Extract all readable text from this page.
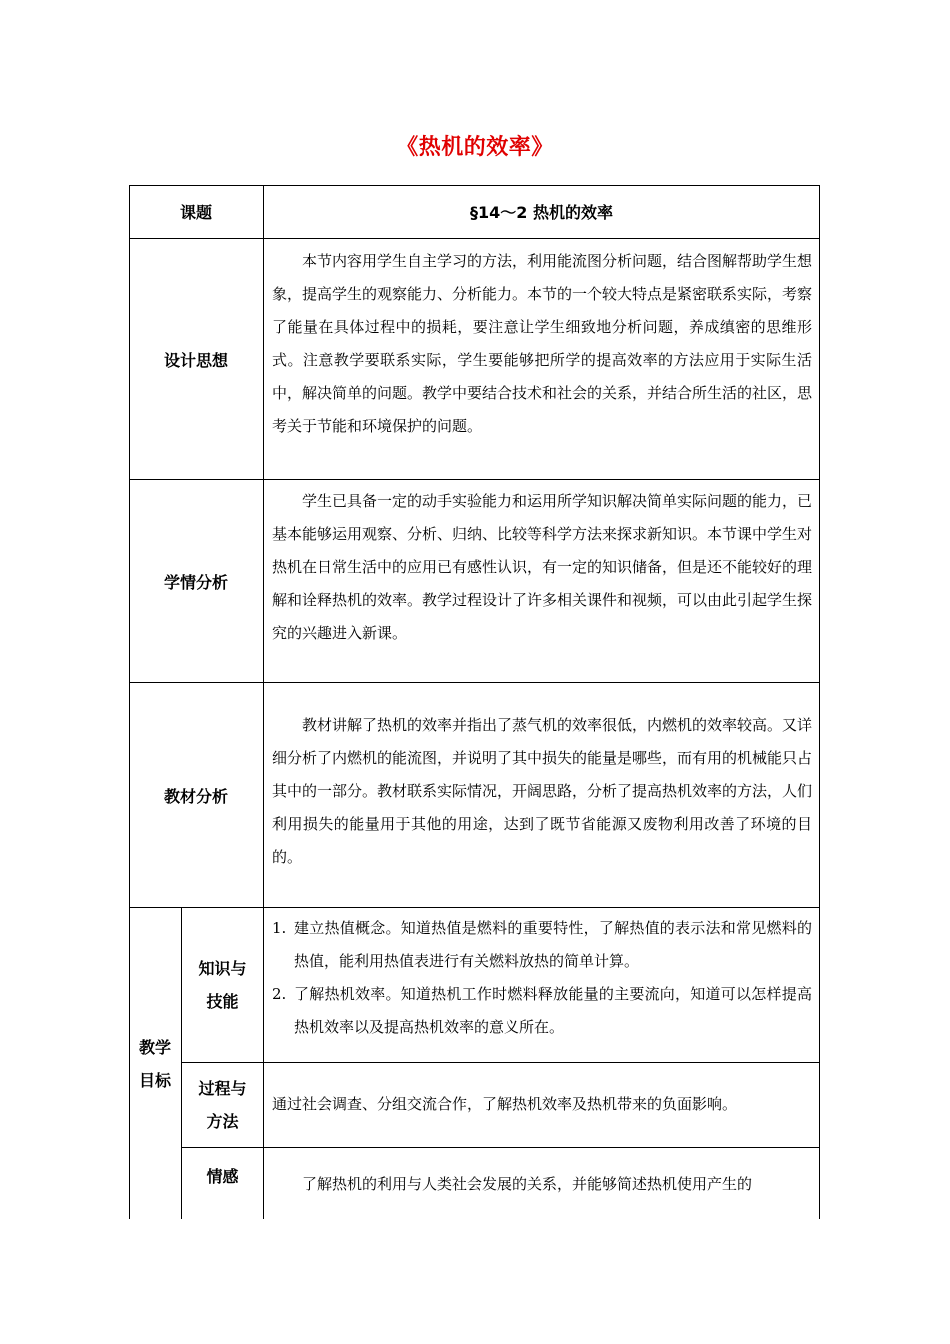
《热机的效率》
课题	§14～2 热机的效率
设计思想
本节内容用学生自主学习的方法，利用能流图分析问题，结合图解帮助学生想象，提高学生的观察能力、分析能力。本节的一个较大特点是紧密联系实际，考察了能量在具体过程中的损耗，要注意让学生细致地分析问题，养成缜密的思维形式。注意教学要联系实际，学生要能够把所学的提高效率的方法应用于实际生活中，解决简单的问题。教学中要结合技术和社会的关系，并结合所生活的社区，思考关于节能和环境保护的问题。
学情分析
学生已具备一定的动手实验能力和运用所学知识解决简单实际问题的能力，已基本能够运用观察、分析、归纳、比较等科学方法来探求新知识。本节课中学生对热机在日常生活中的应用已有感性认识，有一定的知识储备，但是还不能较好的理解和诠释热机的效率。教学过程设计了许多相关课件和视频，可以由此引起学生探究的兴趣进入新课。
教材分析
教材讲解了热机的效率并指出了蒸气机的效率很低，内燃机的效率较高。又详细分析了内燃机的能流图，并说明了其中损失的能量是哪些，而有用的机械能只占其中的一部分。教材联系实际情况，开阔思路，分析了提高热机效率的方法，人们利用损失的能量用于其他的用途，达到了既节省能源又废物利用改善了环境的目的。
教学
目标
知识与
技能
1. 建立热值概念。知道热值是燃料的重要特性，了解热值的表示法和常见燃料的热值，能利用热值表进行有关燃料放热的简单计算。
2. 了解热机效率。知道热机工作时燃料释放能量的主要流向，知道可以怎样提高热机效率以及提高热机效率的意义所在。
过程与
方法
通过社会调查、分组交流合作，了解热机效率及热机带来的负面影响。
情感	了解热机的利用与人类社会发展的关系，并能够简述热机使用产生的
